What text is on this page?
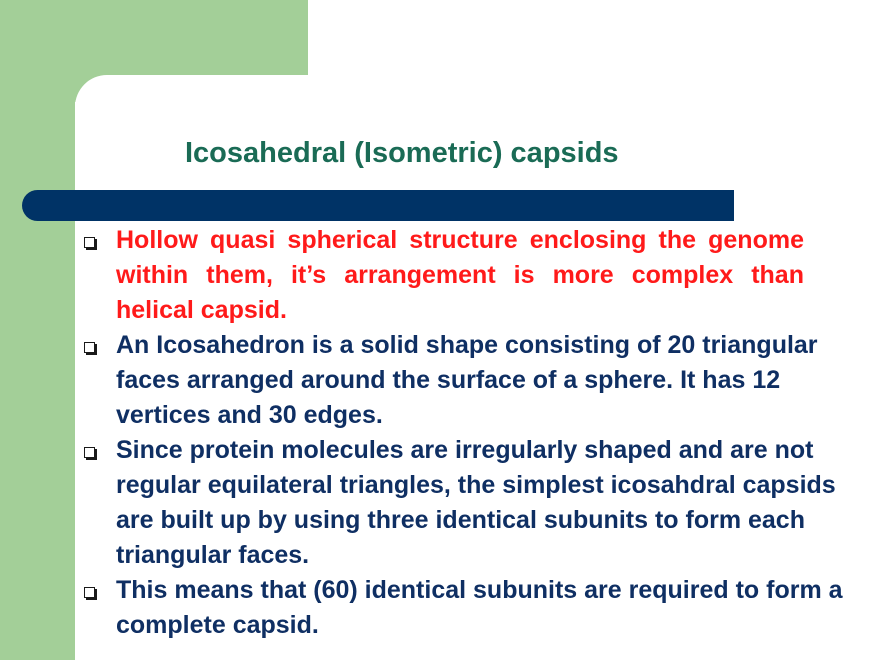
Icosahedral (Isometric) capsids
Hollow quasi spherical structure enclosing the genome within them, it’s arrangement is more complex than helical capsid.
An Icosahedron is a solid shape consisting of 20 triangular faces arranged around the surface of a sphere. It has 12 vertices and 30 edges.
Since protein molecules are irregularly shaped and are not regular equilateral triangles, the simplest icosahdral capsids are built up by using three identical subunits to form each triangular faces.
This means that (60) identical subunits are required to form a complete capsid.
